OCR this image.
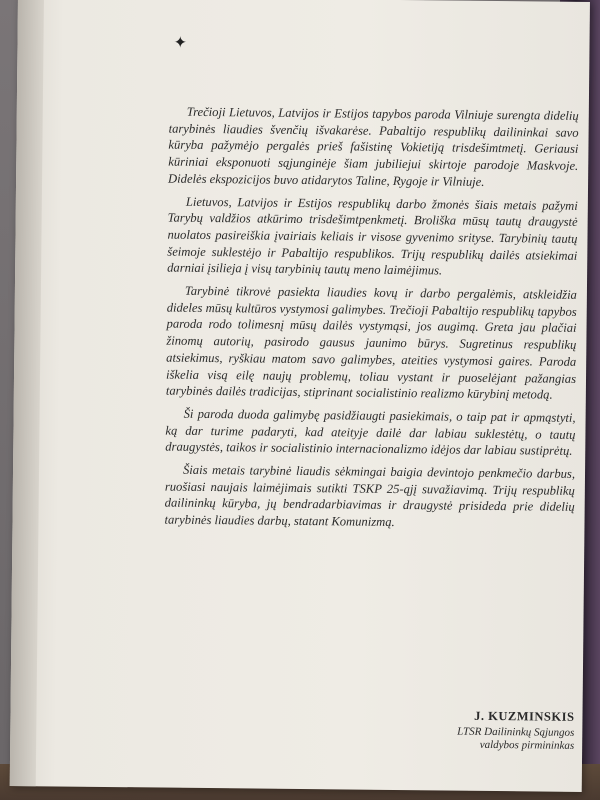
✦

Trečioji Lietuvos, Latvijos ir Estijos tapybos paroda Vilniuje surengta didelių tarybinės liaudies švenčių išvakarėse. Pabaltijo respublikų dailininkai savo kūryba pažymėjo pergalės prieš fašistinę Vokietiją trisdešimtmetį. Geriausi kūriniai eksponuoti sąjunginėje šiam jubiliejui skirtoje parodoje Maskvoje. Didelės ekspozicijos buvo atidarytos Taline, Rygoje ir Vilniuje.

Lietuvos, Latvijos ir Estijos respublikų darbo žmonės šiais metais pažymi Tarybų valdžios atkūrimo trisdešimtpenkmetį. Broliška mūsų tautų draugystė nuolatos pasireiškia įvairiais keliais ir visose gyvenimo srityse. Tarybinių tautų šeimoje suklestėjo ir Pabaltijo respublikos. Trijų respublikų dailės atsiekimai darniai įsilieja į visų tarybinių tautų meno laimėjimus.

Tarybinė tikrovė pasiekta liaudies kovų ir darbo pergalėmis, atskleidžia dideles mūsų kultūros vystymosi galimybes. Trečioji Pabaltijo respublikų tapybos paroda rodo tolimesnį mūsų dailės vystymąsi, jos augimą. Greta jau plačiai žinomų autorių, pasirodo gausus jaunimo būrys. Sugretinus respublikų atsiekimus, ryškiau matom savo galimybes, ateities vystymosi gaires. Paroda iškelia visą eilę naujų problemų, toliau vystant ir puoselėjant pažangias tarybinės dailės tradicijas, stiprinant socialistinio realizmo kūrybinį metodą.

Ši paroda duoda galimybę pasidžiaugti pasiekimais, o taip pat ir apmąstyti, ką dar turime padaryti, kad ateityje dailė dar labiau suklestėtų, o tautų draugystės, taikos ir socialistinio internacionalizmo idėjos dar labiau sustiprėtų.

Šiais metais tarybinė liaudis sėkmingai baigia devintojo penkmečio darbus, ruošiasi naujais laimėjimais sutikti TSKP 25-ąjį suvažiavimą. Trijų respublikų dailininkų kūryba, jų bendradarbiavimas ir draugystė prisideda prie didelių tarybinės liaudies darbų, statant Komunizmą.

J. KUZMINSKIS

LTSR Dailininkų Sąjungos

valdybos pirmininkas
